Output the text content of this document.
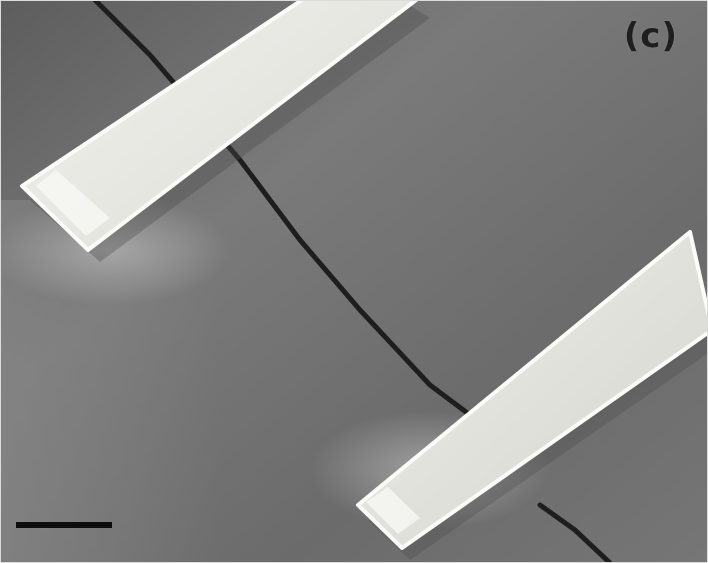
(c)
